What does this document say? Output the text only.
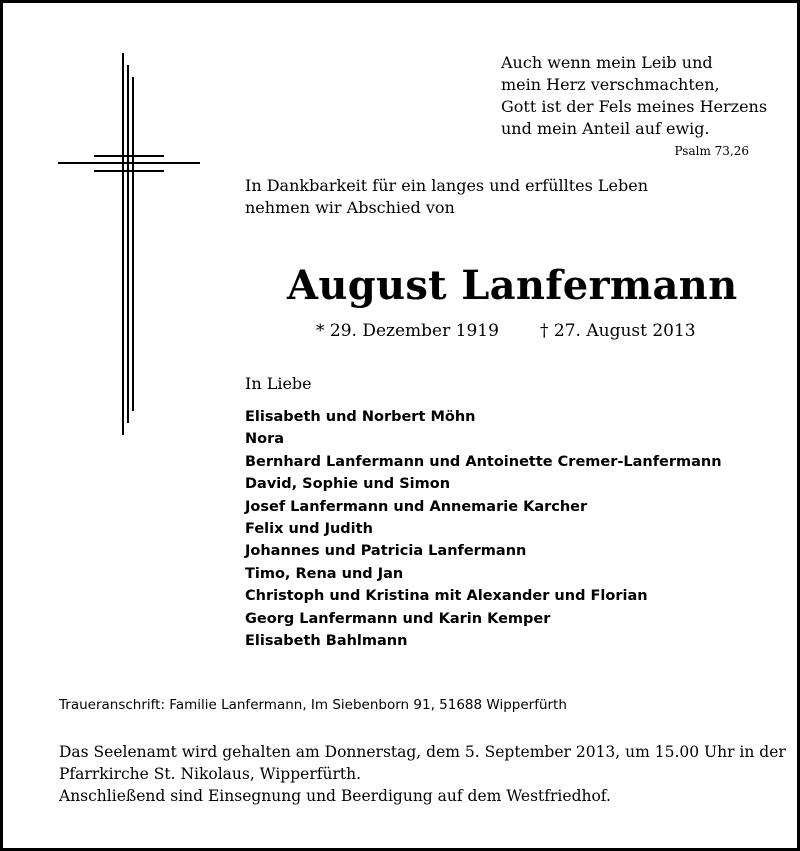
Auch wenn mein Leib und
mein Herz verschmachten,
Gott ist der Fels meines Herzens
und mein Anteil auf ewig.
Psalm 73,26
In Dankbarkeit für ein langes und erfülltes Leben
nehmen wir Abschied von
August Lanfermann
* 29. Dezember 1919 † 27. August 2013
In Liebe
Elisabeth und Norbert Möhn
Nora
Bernhard Lanfermann und Antoinette Cremer-Lanfermann
David, Sophie und Simon
Josef Lanfermann und Annemarie Karcher
Felix und Judith
Johannes und Patricia Lanfermann
Timo, Rena und Jan
Christoph und Kristina mit Alexander und Florian
Georg Lanfermann und Karin Kemper
Elisabeth Bahlmann
Traueranschrift: Familie Lanfermann, Im Siebenborn 91, 51688 Wipperfürth
Das Seelenamt wird gehalten am Donnerstag, dem 5. September 2013, um 15.00 Uhr in der
Pfarrkirche St. Nikolaus, Wipperfürth.
Anschließend sind Einsegnung und Beerdigung auf dem Westfriedhof.
